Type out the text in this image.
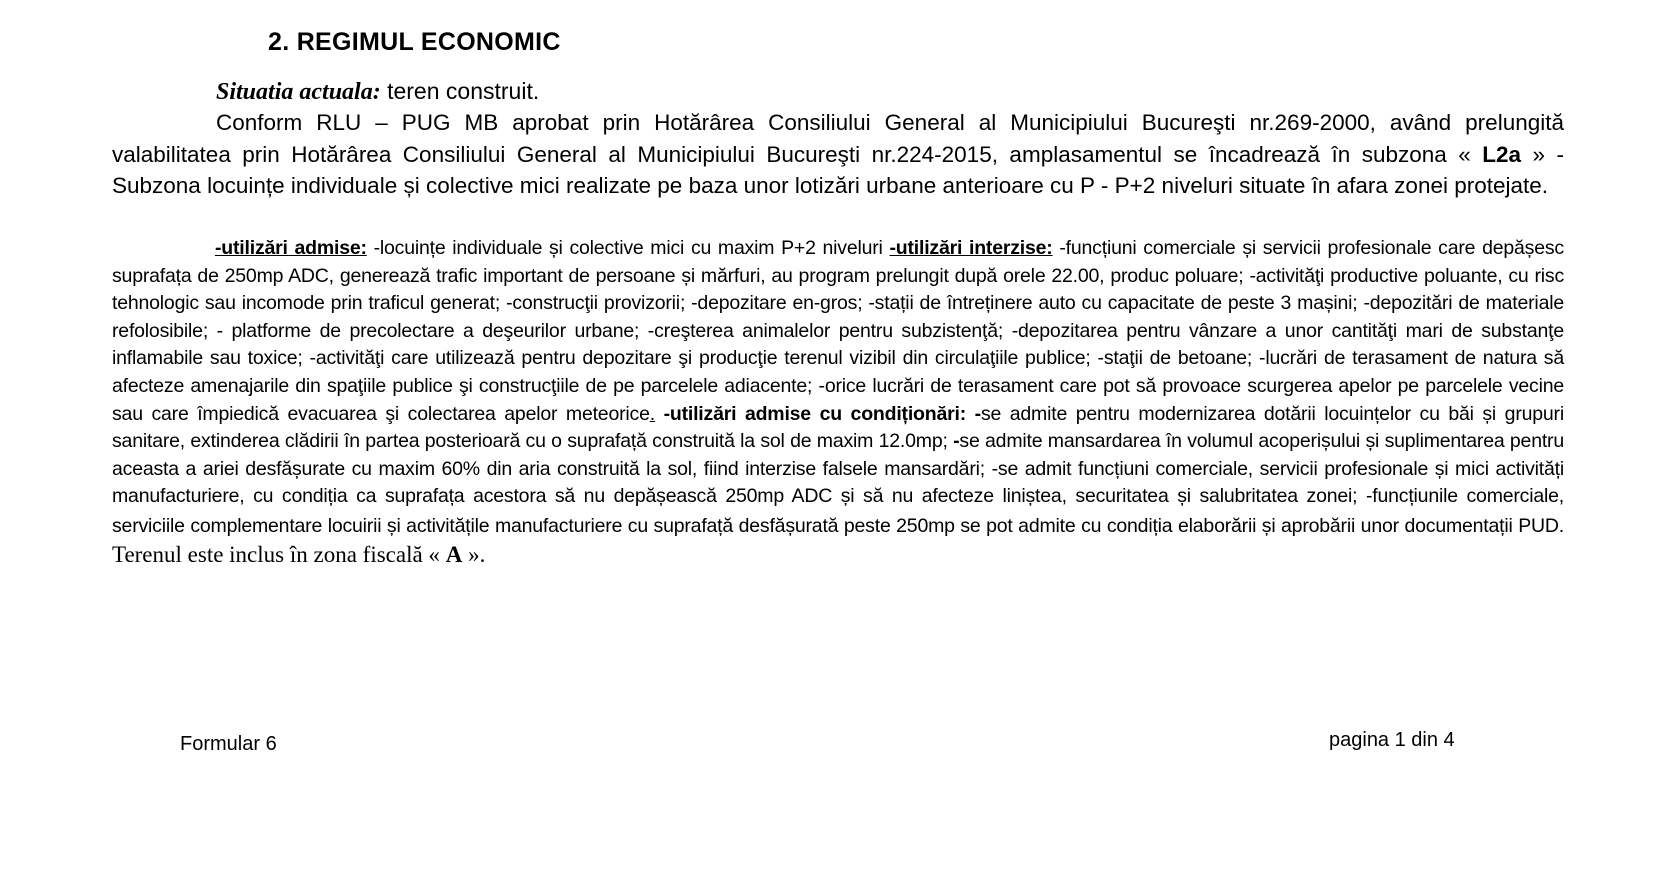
2. REGIMUL ECONOMIC
Situatia actuala: teren construit.

Conform RLU – PUG MB aprobat prin Hotărârea Consiliului General al Municipiului Bucureşti nr.269-2000, având prelungită valabilitatea prin Hotărârea Consiliului General al Municipiului Bucureşti nr.224-2015, amplasamentul se încadrează în subzona « L2a » - Subzona locuințe individuale și colective mici realizate pe baza unor lotizări urbane anterioare cu P - P+2 niveluri situate în afara zonei protejate.

-utilizări admise: -locuințe individuale și colective mici cu maxim P+2 niveluri -utilizări interzise: -funcțiuni comerciale și servicii profesionale care depășesc suprafața de 250mp ADC, generează trafic important de persoane și mărfuri, au program prelungit după orele 22.00, produc poluare; -activităţi productive poluante, cu risc tehnologic sau incomode prin traficul generat; -construcţii provizorii; -depozitare en-gros; -stații de întreținere auto cu capacitate de peste 3 mașini; -depozitări de materiale refolosibile; - platforme de precolectare a deşeurilor urbane; -creşterea animalelor pentru subzistenţă; -depozitarea pentru vânzare a unor cantităţi mari de substanţe inflamabile sau toxice; -activităţi care utilizează pentru depozitare şi producţie terenul vizibil din circulaţiile publice; -staţii de betoane; -lucrări de terasament de natura să afecteze amenajarile din spaţiile publice şi construcţiile de pe parcelele adiacente; -orice lucrări de terasament care pot să provoace scurgerea apelor pe parcelele vecine sau care împiedică evacuarea şi colectarea apelor meteorice. -utilizări admise cu condiționări: -se admite pentru modernizarea dotării locuințelor cu băi și grupuri sanitare, extinderea clădirii în partea posterioară cu o suprafață construită la sol de maxim 12.0mp; -se admite mansardarea în volumul acoperișului și suplimentarea pentru aceasta a ariei desfășurate cu maxim 60% din aria construită la sol, fiind interzise falsele mansardări; -se admit funcțiuni comerciale, servicii profesionale și mici activități manufacturiere, cu condiția ca suprafața acestora să nu depășească 250mp ADC și să nu afecteze liniștea, securitatea și salubritatea zonei; -funcțiunile comerciale, serviciile complementare locuirii și activitățile manufacturiere cu suprafață desfășurată peste 250mp se pot admite cu condiția elaborării și aprobării unor documentații PUD. Terenul este inclus în zona fiscală « A ».

Formular 6	pagina 1 din 4
